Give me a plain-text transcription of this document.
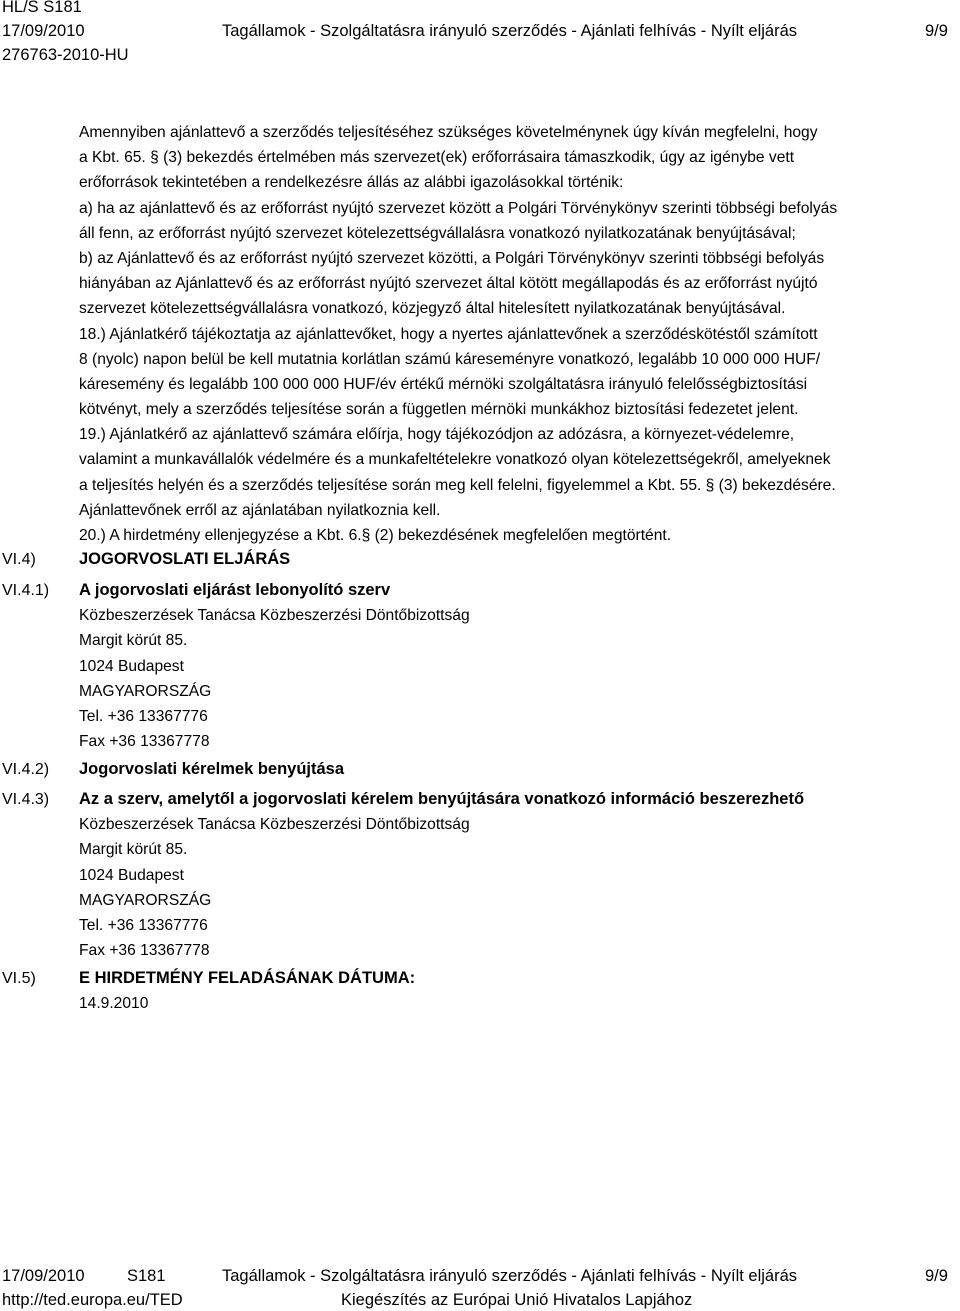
HL/S S181
17/09/2010
276763-2010-HU
Tagállamok - Szolgáltatásra irányuló szerződés - Ajánlati felhívás - Nyílt eljárás	9/9
Amennyiben ajánlattevő a szerződés teljesítéséhez szükséges követelménynek úgy kíván megfelelni, hogy
a Kbt. 65. § (3) bekezdés értelmében más szervezet(ek) erőforrásaira támaszkodik, úgy az igénybe vett
erőforrások tekintetében a rendelkezésre állás az alábbi igazolásokkal történik:
a) ha az ajánlattevő és az erőforrást nyújtó szervezet között a Polgári Törvénykönyv szerinti többségi befolyás
áll fenn, az erőforrást nyújtó szervezet kötelezettségvállalásra vonatkozó nyilatkozatának benyújtásával;
b) az Ajánlattevő és az erőforrást nyújtó szervezet közötti, a Polgári Törvénykönyv szerinti többségi befolyás
hiányában az Ajánlattevő és az erőforrást nyújtó szervezet által kötött megállapodás és az erőforrást nyújtó
szervezet kötelezettségvállalásra vonatkozó, közjegyző által hitelesített nyilatkozatának benyújtásával.
18.) Ajánlatkérő tájékoztatja az ajánlattevőket, hogy a nyertes ajánlattevőnek a szerződéskötéstől számított
8 (nyolc) napon belül be kell mutatnia korlátlan számú káreseményre vonatkozó, legalább 10 000 000 HUF/
káresemény és legalább 100 000 000 HUF/év értékű mérnöki szolgáltatásra irányuló felelősségbiztosítási
kötvényt, mely a szerződés teljesítése során a független mérnöki munkákhoz biztosítási fedezetet jelent.
19.) Ajánlatkérő az ajánlattevő számára előírja, hogy tájékozódjon az adózásra, a környezet-védelemre,
valamint a munkavállalók védelmére és a munkafeltételekre vonatkozó olyan kötelezettségekről, amelyeknek
a teljesítés helyén és a szerződés teljesítése során meg kell felelni, figyelemmel a Kbt. 55. § (3) bekezdésére.
Ajánlattevőnek erről az ajánlatában nyilatkoznia kell.
20.) A hirdetmény ellenjegyzése a Kbt. 6.§ (2) bekezdésének megfelelően megtörtént.
VI.4)	JOGORVOSLATI ELJÁRÁS
VI.4.1)	A jogorvoslati eljárást lebonyolító szerv
Közbeszerzések Tanácsa Közbeszerzési Döntőbizottság
Margit körút 85.
1024 Budapest
MAGYARORSZÁG
Tel. +36 13367776
Fax +36 13367778
VI.4.2)	Jogorvoslati kérelmek benyújtása
VI.4.3)	Az a szerv, amelytől a jogorvoslati kérelem benyújtására vonatkozó információ beszerezhető
Közbeszerzések Tanácsa Közbeszerzési Döntőbizottság
Margit körút 85.
1024 Budapest
MAGYARORSZÁG
Tel. +36 13367776
Fax +36 13367778
VI.5)	E HIRDETMÉNY FELADÁSÁNAK DÁTUMA:
14.9.2010
17/09/2010	S181
http://ted.europa.eu/TED
Tagállamok - Szolgáltatásra irányuló szerződés - Ajánlati felhívás - Nyílt eljárás
Kiegészítés az Európai Unió Hivatalos Lapjához
9/9
